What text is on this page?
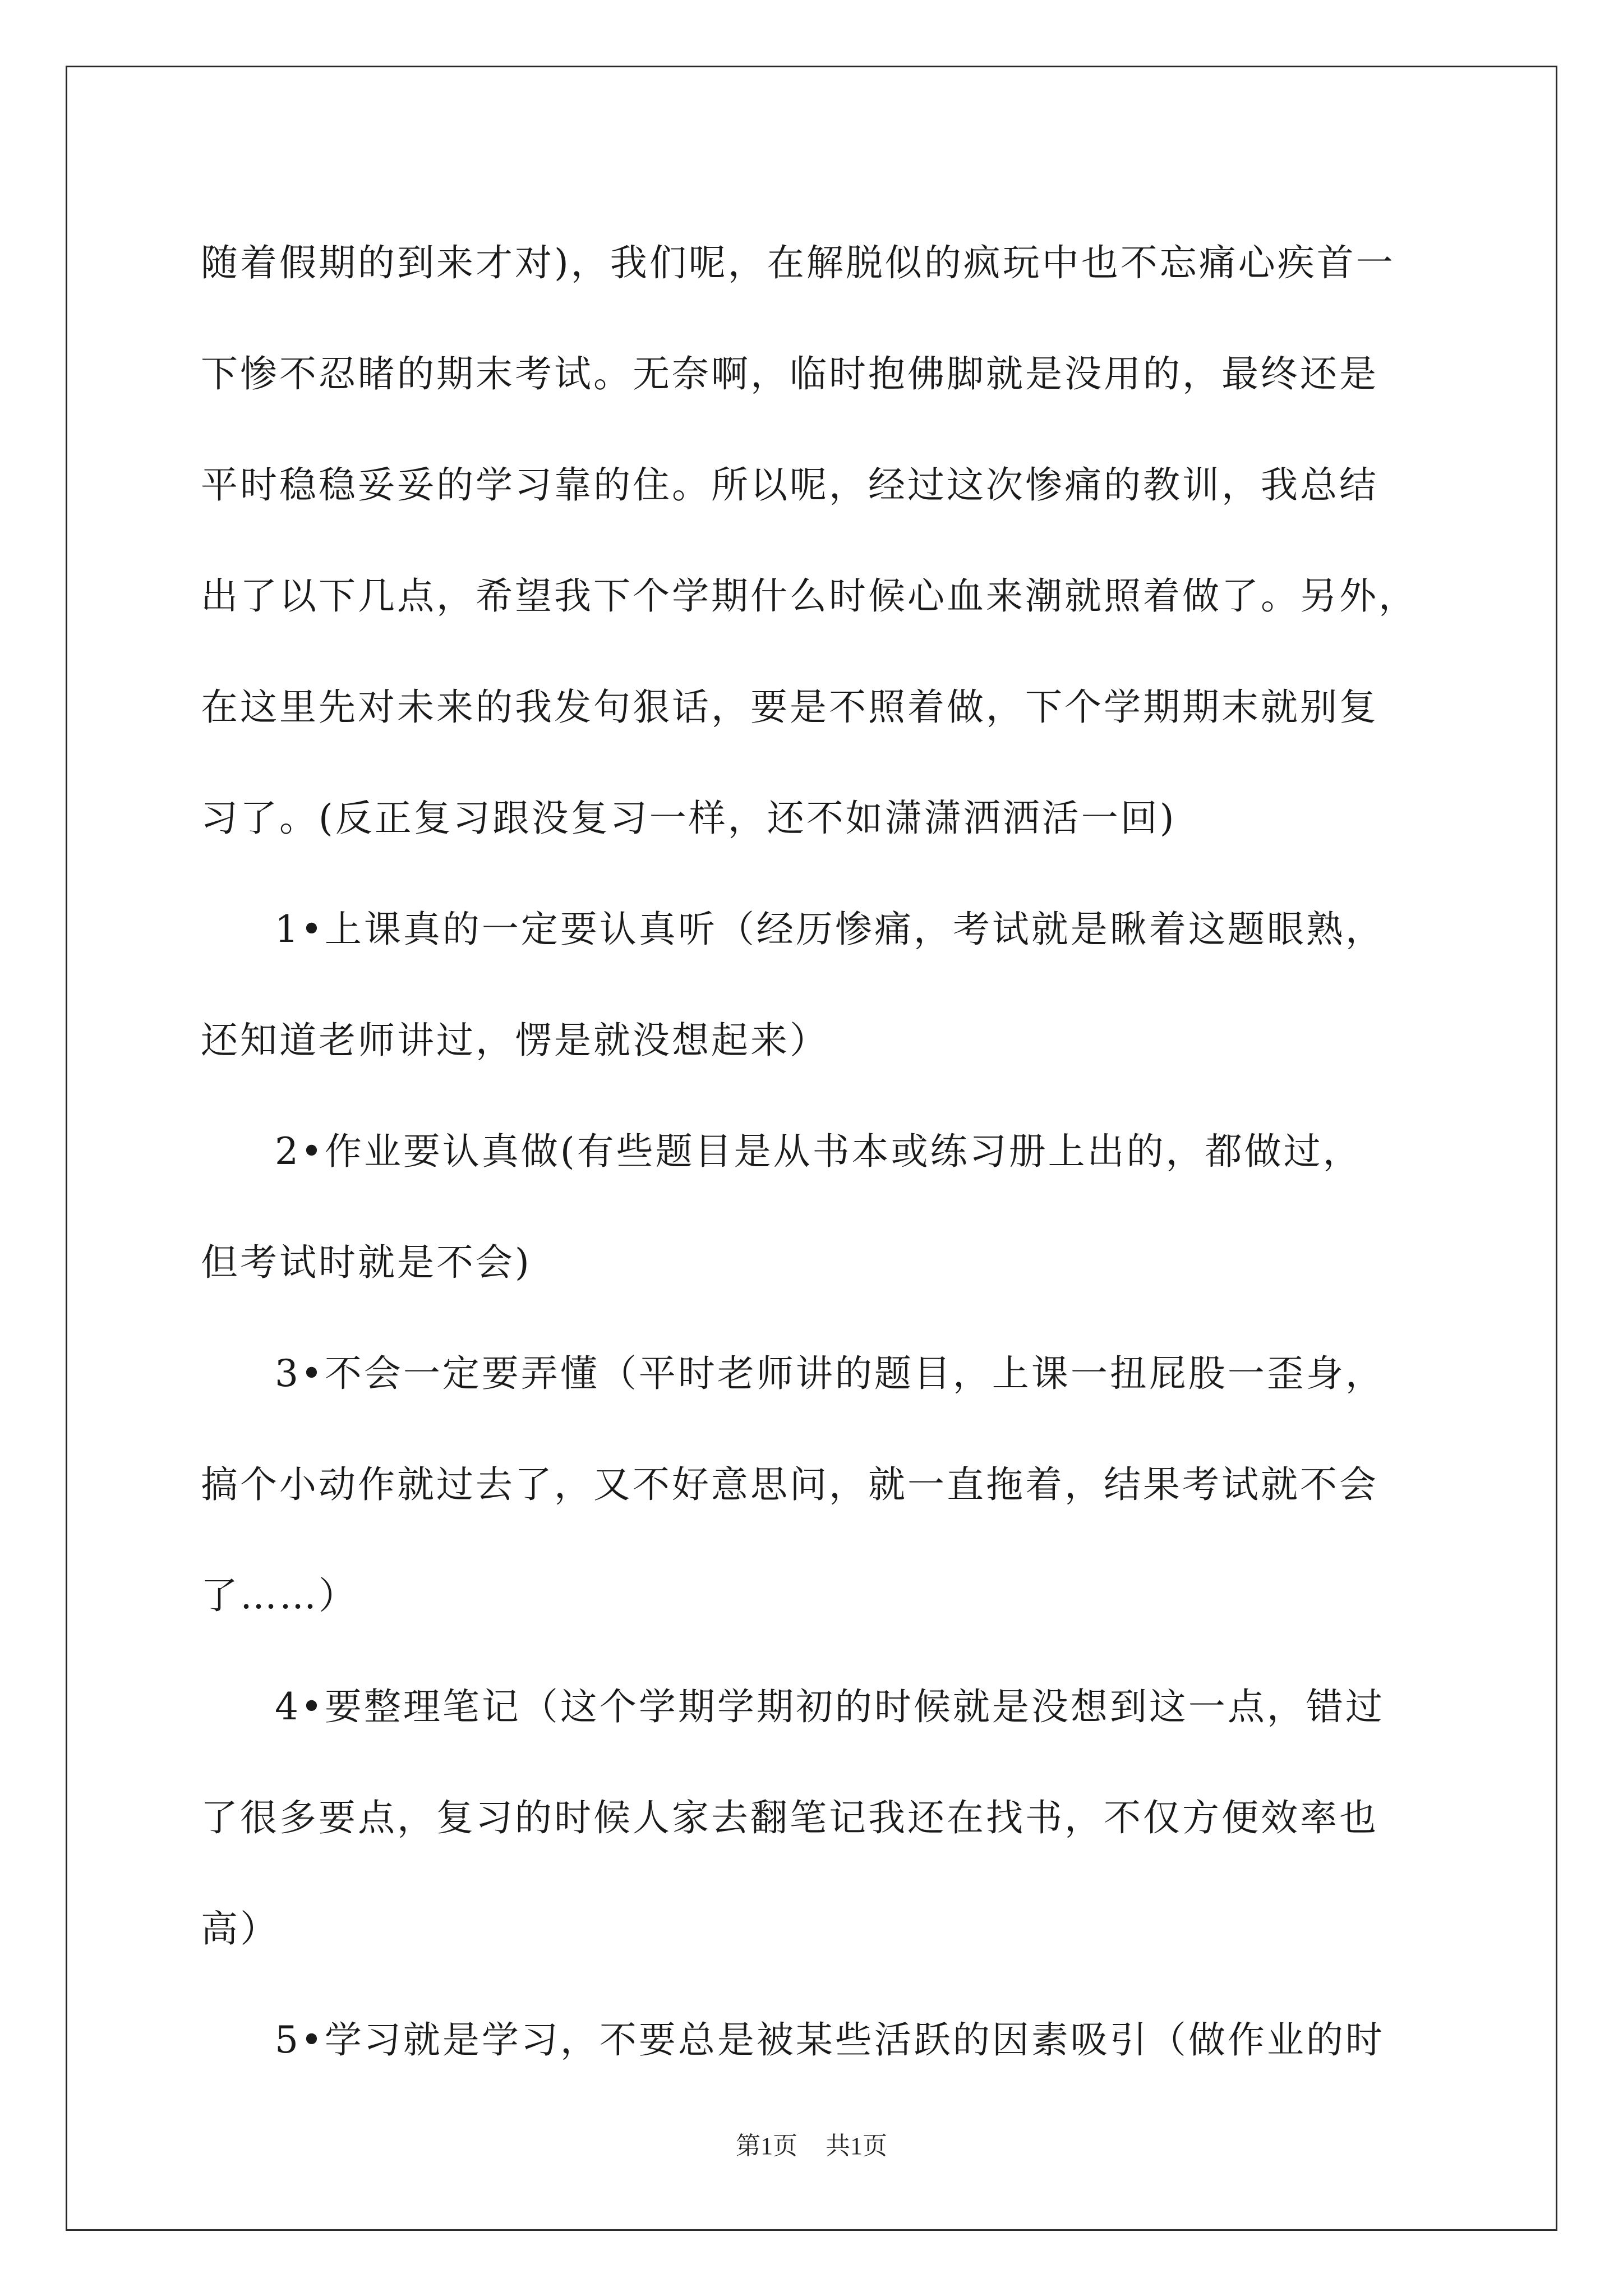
随着假期的到来才对)，我们呢，在解脱似的疯玩中也不忘痛心疾首一
下惨不忍睹的期末考试。无奈啊，临时抱佛脚就是没用的，最终还是
平时稳稳妥妥的学习靠的住。所以呢，经过这次惨痛的教训，我总结
出了以下几点，希望我下个学期什么时候心血来潮就照着做了。另外，
在这里先对未来的我发句狠话，要是不照着做，下个学期期末就别复
习了。(反正复习跟没复习一样，还不如潇潇洒洒活一回)
1•上课真的一定要认真听（经历惨痛，考试就是瞅着这题眼熟，
还知道老师讲过，愣是就没想起来）
2•作业要认真做(有些题目是从书本或练习册上出的，都做过，
但考试时就是不会)
3•不会一定要弄懂（平时老师讲的题目，上课一扭屁股一歪身，
搞个小动作就过去了，又不好意思问，就一直拖着，结果考试就不会
了……）
4•要整理笔记（这个学期学期初的时候就是没想到这一点，错过
了很多要点，复习的时候人家去翻笔记我还在找书，不仅方便效率也
高）
5•学习就是学习，不要总是被某些活跃的因素吸引（做作业的时
第1页 共1页
